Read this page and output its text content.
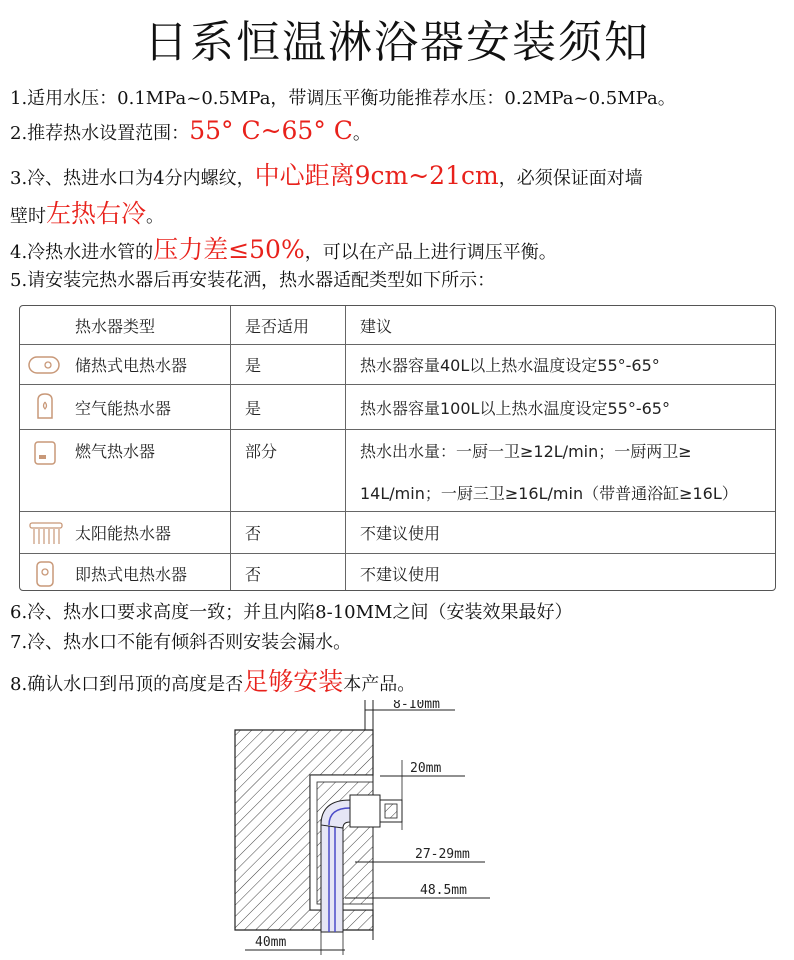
日系恒温淋浴器安装须知
1.适用水压：0.1MPa~0.5MPa，带调压平衡功能推荐水压：0.2MPa~0.5MPa。
2.推荐热水设置范围：55° C~65° C。
3.冷、热进水口为4分内螺纹，中心距离9cm~21cm，必须保证面对墙
壁时左热右冷。
4.冷热水进水管的压力差≤50%，可以在产品上进行调压平衡。
5.请安装完热水器后再安装花洒，热水器适配类型如下所示：
热水器类型	是否适用	建议
储热式电热水器	是	热水器容量40L以上热水温度设定55°-65°
空气能热水器	是	热水器容量100L以上热水温度设定55°-65°
燃气热水器	部分	热水出水量：一厨一卫≥12L/min；一厨两卫≥
14L/min；一厨三卫≥16L/min（带普通浴缸≥16L）
太阳能热水器	否	不建议使用
即热式电热水器	否	不建议使用
6.冷、热水口要求高度一致；并且内陷8-10MM之间（安装效果最好）
7.冷、热水口不能有倾斜否则安装会漏水。
8.确认水口到吊顶的高度是否足够安装本产品。
8-10mm
20mm
27-29mm
48.5mm
40mm
